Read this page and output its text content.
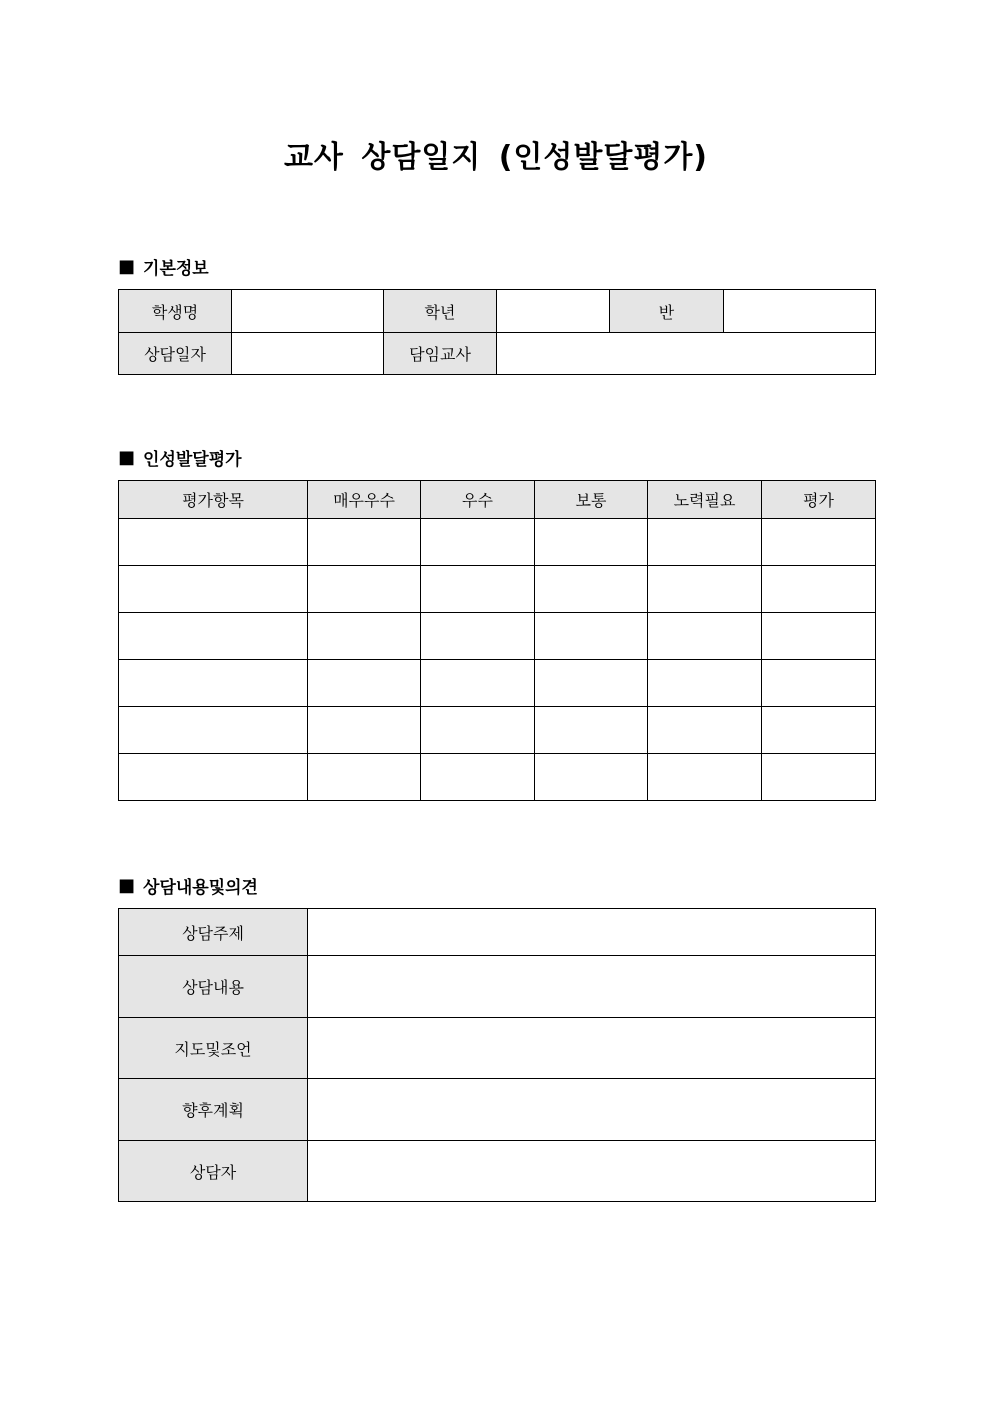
교사 상담일지 (인성발달평가)
■ 기본정보
학생명		학년		반	
상담일자		담임교사			
■ 인성발달평가
평가항목	매우우수	우수	보통	노력필요	평가

■ 상담내용및의견
상담주제	
상담내용	
지도및조언	
향후계획	
상담자	
